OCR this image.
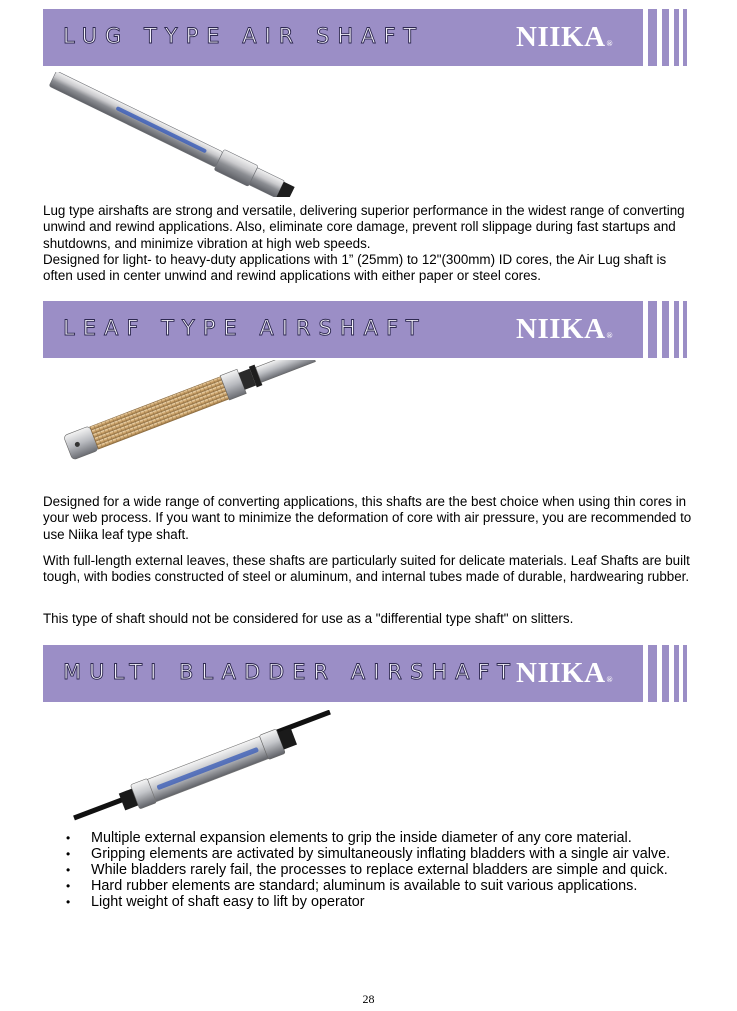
LUG TYPE AIR SHAFT	NIIKA®

Lug type airshafts are strong and versatile, delivering superior performance in the widest range of converting unwind and rewind applications. Also, eliminate core damage, prevent roll slippage during fast startups and shutdowns, and minimize vibration at high web speeds.

Designed for light- to heavy-duty applications with 1” (25mm) to 12"(300mm) ID cores, the Air Lug shaft is often used in center unwind and rewind applications with either paper or steel cores.

LEAF TYPE AIRSHAFT	NIIKA®

Designed for a wide range of converting applications, this shafts are the best choice when using thin cores in your web process. If you want to minimize the deformation of core with air pressure, you are recommended to use Niika leaf type shaft.

With full-length external leaves, these shafts are particularly suited for delicate materials. Leaf Shafts are built tough, with bodies constructed of steel or aluminum, and internal tubes made of durable, hardwearing rubber.

This type of shaft should not be considered for use as a "differential type shaft" on slitters.

MULTI BLADDER AIRSHAFT
NIIKA®
• Multiple external expansion elements to grip the inside diameter of any core material.
• Gripping elements are activated by simultaneously inflating bladders with a single air valve.
• While bladders rarely fail, the processes to replace external bladders are simple and quick.
• Hard rubber elements are standard; aluminum is available to suit various applications.
• Light weight of shaft easy to lift by operator
28
